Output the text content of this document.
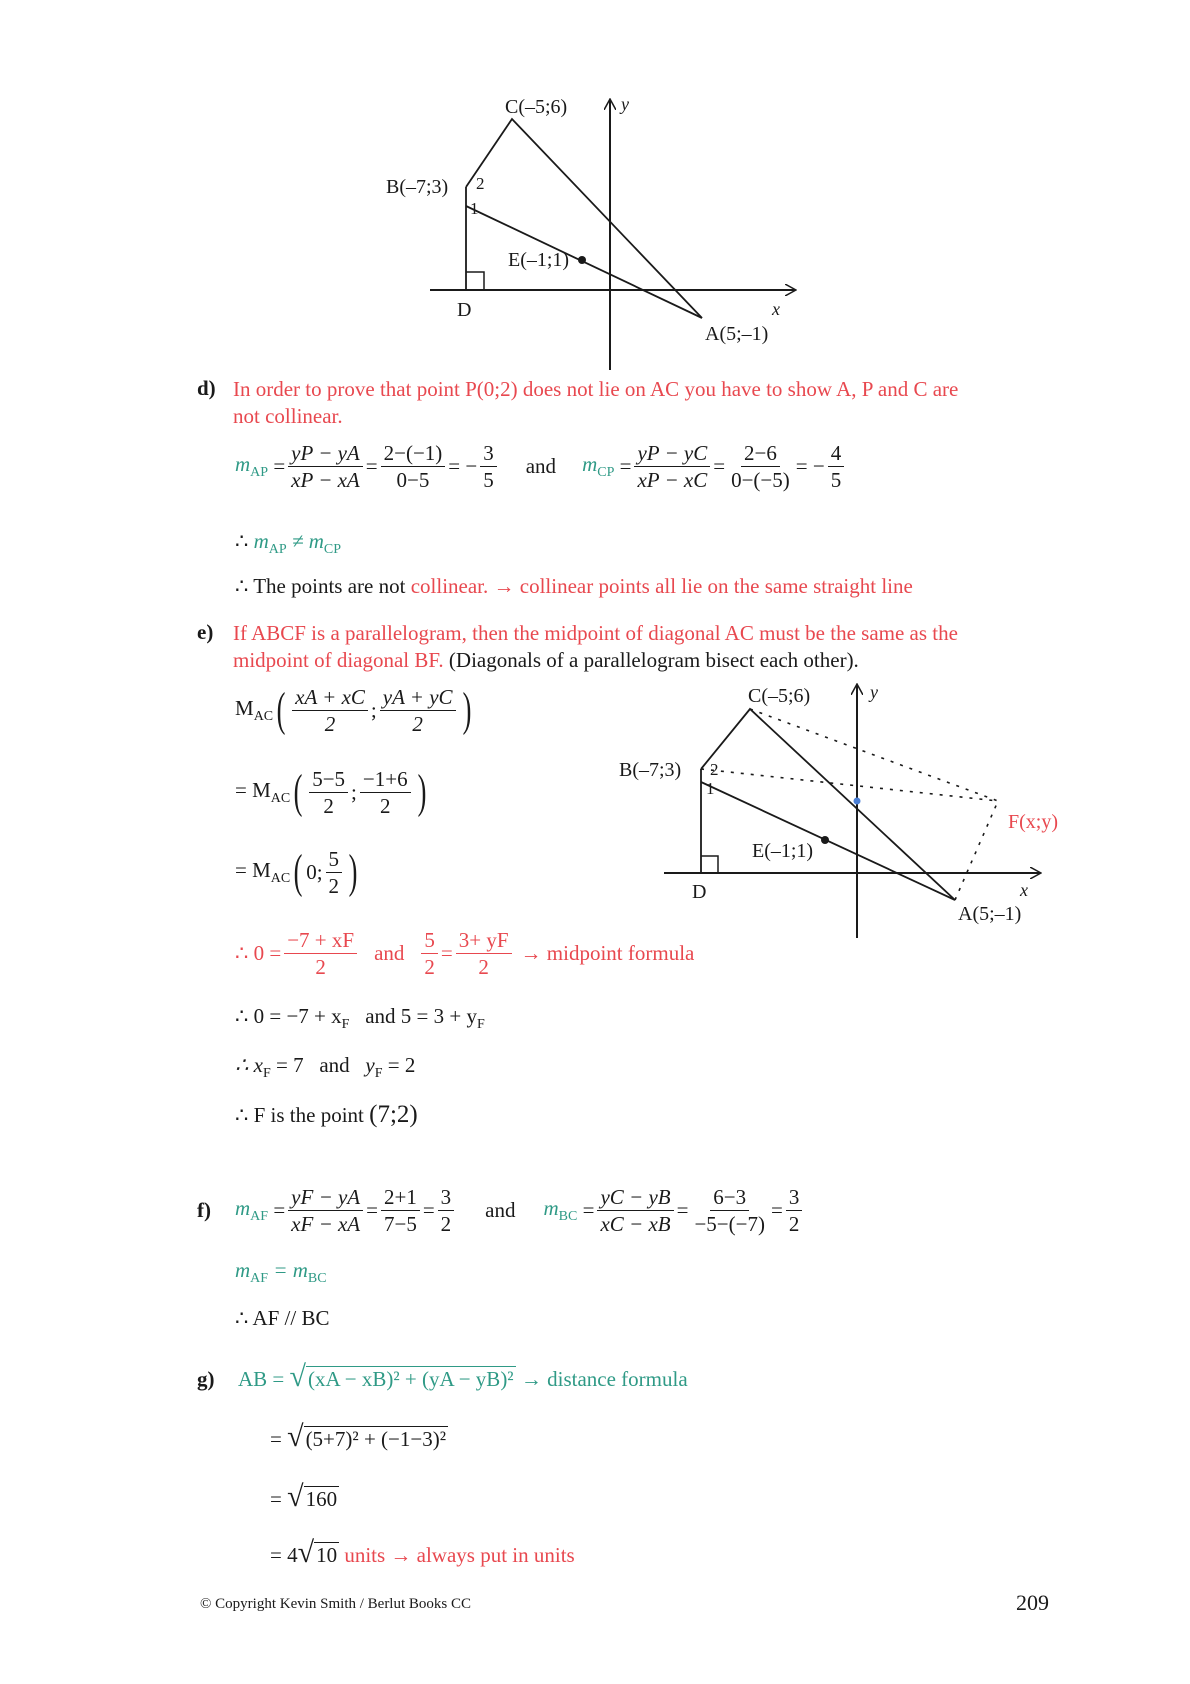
C(–5;6)	y
B(–7;3) 2
1
E(–1;1)
D	x
A(5;–1)
d) In order to prove that point P(0;2) does not lie on AC you have to show A, P and C are
not collinear.
$m_{AP} = \frac{yP - yA}{xP - xA} = \frac{2-(-1)}{0-5}$ = − $\frac{3}{5}$ and $m_{CP} = \frac{yP - yC}{xP - xC} = \frac{2-6}{0-(-5)}$ = − $\frac{4}{5}$
∴ $m_{AP} \ne m_{CP}$
∴ The points are not collinear. → collinear points all lie on the same straight line
e) If ABCF is a parallelogram, then the midpoint of diagonal AC must be the same as the
midpoint of diagonal BF. (Diagonals of a parallelogram bisect each other).
$M_{AC}$ ( $\frac{xA + xC}{2}$ ; $\frac{yA + yC}{2}$ )
= $M_{AC}$ ( $\frac{5-5}{2}$ ; $\frac{-1+6}{2}$ )
= $M_{AC}$ ( 0; $\frac{5}{2}$ )
∴ $0 = \frac{-7 + xF}{2}$ and $\frac{5}{2} = \frac{3+ yF}{2}$ → midpoint formula
∴ $0 = -7 + x_F$ and $5 = 3 + y_F$
∴ $x_F = 7$ and $y_F = 2$
∴ F is the point (7;2)
C(–5;6)	y
B(–7;3) 2
1
F(x;y)
E(–1;1)
D	x
A(5;–1)
f) $m_{AF} = \frac{yF - yA}{xF - xA} = \frac{2+1}{7-5} = \frac{3}{2}$ and $m_{BC} = \frac{yC - yB}{xC - xB} = \frac{6-3}{-5-(-7)} = \frac{3}{2}$
$m_{AF} = m_{BC}$
∴ AF // BC
g) AB = √(xA − xB)² + (yA − yB)² → distance formula
= √(5+7)² + (−1−3)²
= √160
= 4√10 units → always put in units
© Copyright Kevin Smith / Berlut Books CC	209
